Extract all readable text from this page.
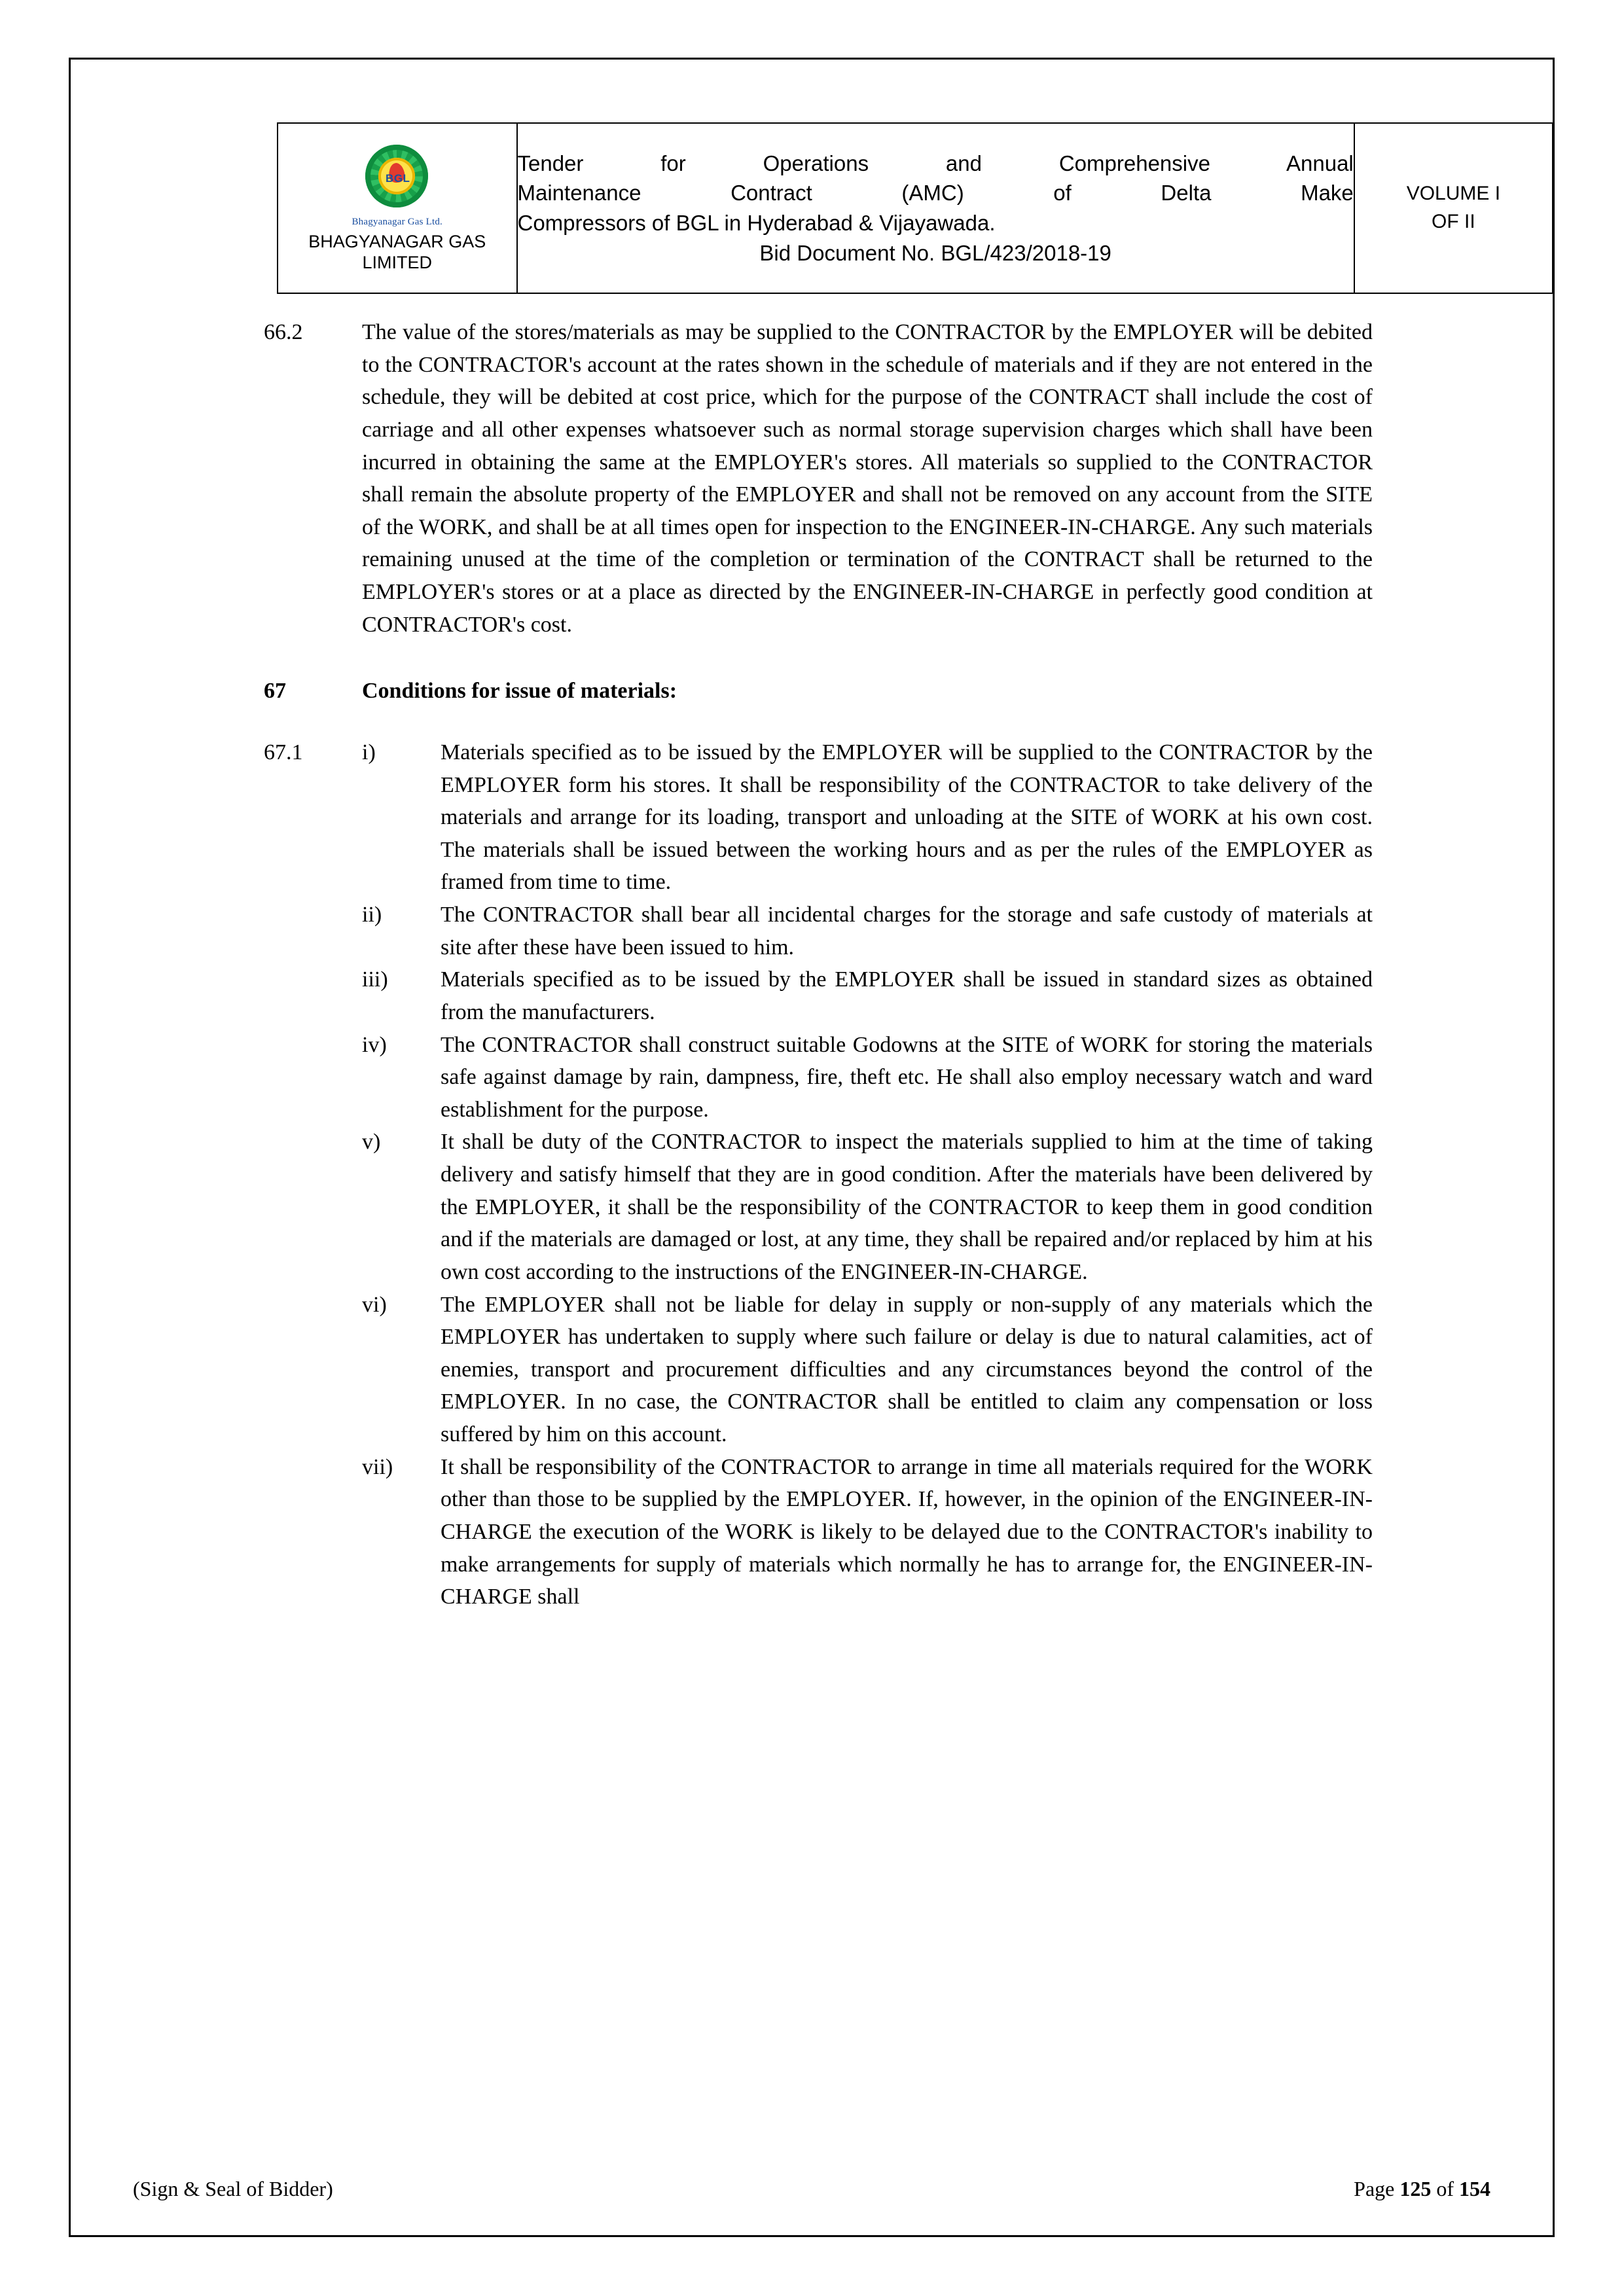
BGL
Bhagyanagar Gas Ltd.
BHAGYANAGAR GAS
LIMITED

Tender for Operations and Comprehensive Annual
Maintenance Contract (AMC) of Delta Make
Compressors of BGL in Hyderabad & Vijayawada.
Bid Document No. BGL/423/2018-19

VOLUME I
OF II
66.2	The value of the stores/materials as may be supplied to the CONTRACTOR by the EMPLOYER will be debited to the CONTRACTOR's account at the rates shown in the schedule of materials and if they are not entered in the schedule, they will be debited at cost price, which for the purpose of the CONTRACT shall include the cost of carriage and all other expenses whatsoever such as normal storage supervision charges which shall have been incurred in obtaining the same at the EMPLOYER's stores. All materials so supplied to the CONTRACTOR shall remain the absolute property of the EMPLOYER and shall not be removed on any account from the SITE of the WORK, and shall be at all times open for inspection to the ENGINEER-IN-CHARGE. Any such materials remaining unused at the time of the completion or termination of the CONTRACT shall be returned to the EMPLOYER's stores or at a place as directed by the ENGINEER-IN-CHARGE in perfectly good condition at CONTRACTOR's cost.
67	Conditions for issue of materials:
67.1	i)	Materials specified as to be issued by the EMPLOYER will be supplied to the CONTRACTOR by the EMPLOYER form his stores. It shall be responsibility of the CONTRACTOR to take delivery of the materials and arrange for its loading, transport and unloading at the SITE of WORK at his own cost. The materials shall be issued between the working hours and as per the rules of the EMPLOYER as framed from time to time.
ii)	The CONTRACTOR shall bear all incidental charges for the storage and safe custody of materials at site after these have been issued to him.
iii)	Materials specified as to be issued by the EMPLOYER shall be issued in standard sizes as obtained from the manufacturers.
iv)	The CONTRACTOR shall construct suitable Godowns at the SITE of WORK for storing the materials safe against damage by rain, dampness, fire, theft etc. He shall also employ necessary watch and ward establishment for the purpose.
v)	It shall be duty of the CONTRACTOR to inspect the materials supplied to him at the time of taking delivery and satisfy himself that they are in good condition. After the materials have been delivered by the EMPLOYER, it shall be the responsibility of the CONTRACTOR to keep them in good condition and if the materials are damaged or lost, at any time, they shall be repaired and/or replaced by him at his own cost according to the instructions of the ENGINEER-IN-CHARGE.
vi)	The EMPLOYER shall not be liable for delay in supply or non-supply of any materials which the EMPLOYER has undertaken to supply where such failure or delay is due to natural calamities, act of enemies, transport and procurement difficulties and any circumstances beyond the control of the EMPLOYER. In no case, the CONTRACTOR shall be entitled to claim any compensation or loss suffered by him on this account.
vii)	It shall be responsibility of the CONTRACTOR to arrange in time all materials required for the WORK other than those to be supplied by the EMPLOYER. If, however, in the opinion of the ENGINEER-IN-CHARGE the execution of the WORK is likely to be delayed due to the CONTRACTOR's inability to make arrangements for supply of materials which normally he has to arrange for, the ENGINEER-IN-CHARGE shall
(Sign & Seal of Bidder)	Page 125 of 154
